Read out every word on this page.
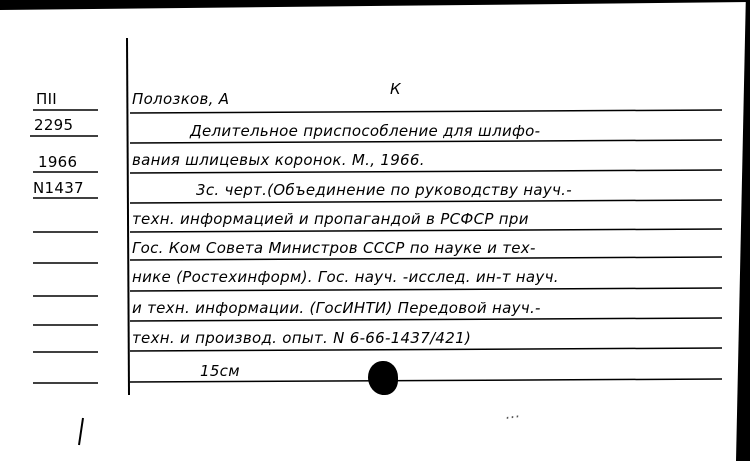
ПII
2295
1966
N1437
Полозков, А
К
Делительное приспособление для шлифо-
вания шлицевых коронок. М., 1966.
3с. черт.(Объединение по руководству науч.-
техн. информацией и пропагандой в РСФСР при
Гос. Ком Совета Министров СССР по науке и тех-
нике (Ростехинформ). Гос. науч. -исслед. ин-т науч.
и техн. информации. (ГосИНТИ) Передовой науч.-
техн. и производ. опыт. N 6-66-1437/421)
15см
…
